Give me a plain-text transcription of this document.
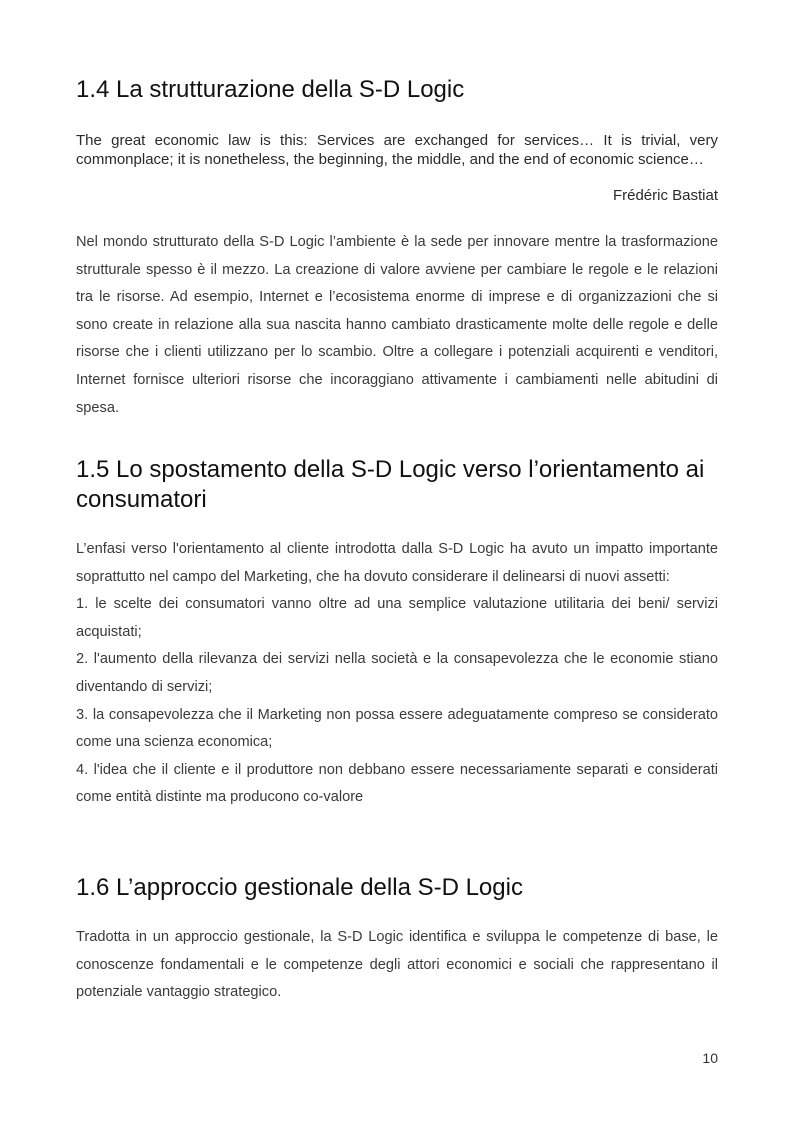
1.4 La strutturazione della S-D Logic
The great economic law is this: Services are exchanged for services… It is trivial, very commonplace; it is nonetheless, the beginning, the middle, and the end of economic science…
Frédéric Bastiat

Nel mondo strutturato della S-D Logic l’ambiente è la sede per innovare mentre la trasformazione strutturale spesso è il mezzo. La creazione di valore avviene per cambiare le regole e le relazioni tra le risorse. Ad esempio, Internet e l’ecosistema enorme di imprese e di organizzazioni che si sono create in relazione alla sua nascita hanno cambiato drasticamente molte delle regole e delle risorse che i clienti utilizzano per lo scambio. Oltre a collegare i potenziali acquirenti e venditori, Internet fornisce ulteriori risorse che incoraggiano attivamente i cambiamenti nelle abitudini di spesa.

1.5 Lo spostamento della S-D Logic verso l’orientamento ai consumatori

L’enfasi verso l'orientamento al cliente introdotta dalla S-D Logic ha avuto un impatto importante soprattutto nel campo del Marketing, che ha dovuto considerare il delinearsi di nuovi assetti:

1. le scelte dei consumatori vanno oltre ad una semplice valutazione utilitaria dei beni/ servizi acquistati;

2. l'aumento della rilevanza dei servizi nella società e la consapevolezza che le economie stiano diventando di servizi;

3. la consapevolezza che il Marketing non possa essere adeguatamente compreso se considerato come una scienza economica;

4. l'idea che il cliente e il produttore non debbano essere necessariamente separati e considerati come entità distinte ma producono co-valore

1.6 L’approccio gestionale della S-D Logic

Tradotta in un approccio gestionale, la S-D Logic identifica e sviluppa le competenze di base, le conoscenze fondamentali e le competenze degli attori economici e sociali che rappresentano il potenziale vantaggio strategico.

10
